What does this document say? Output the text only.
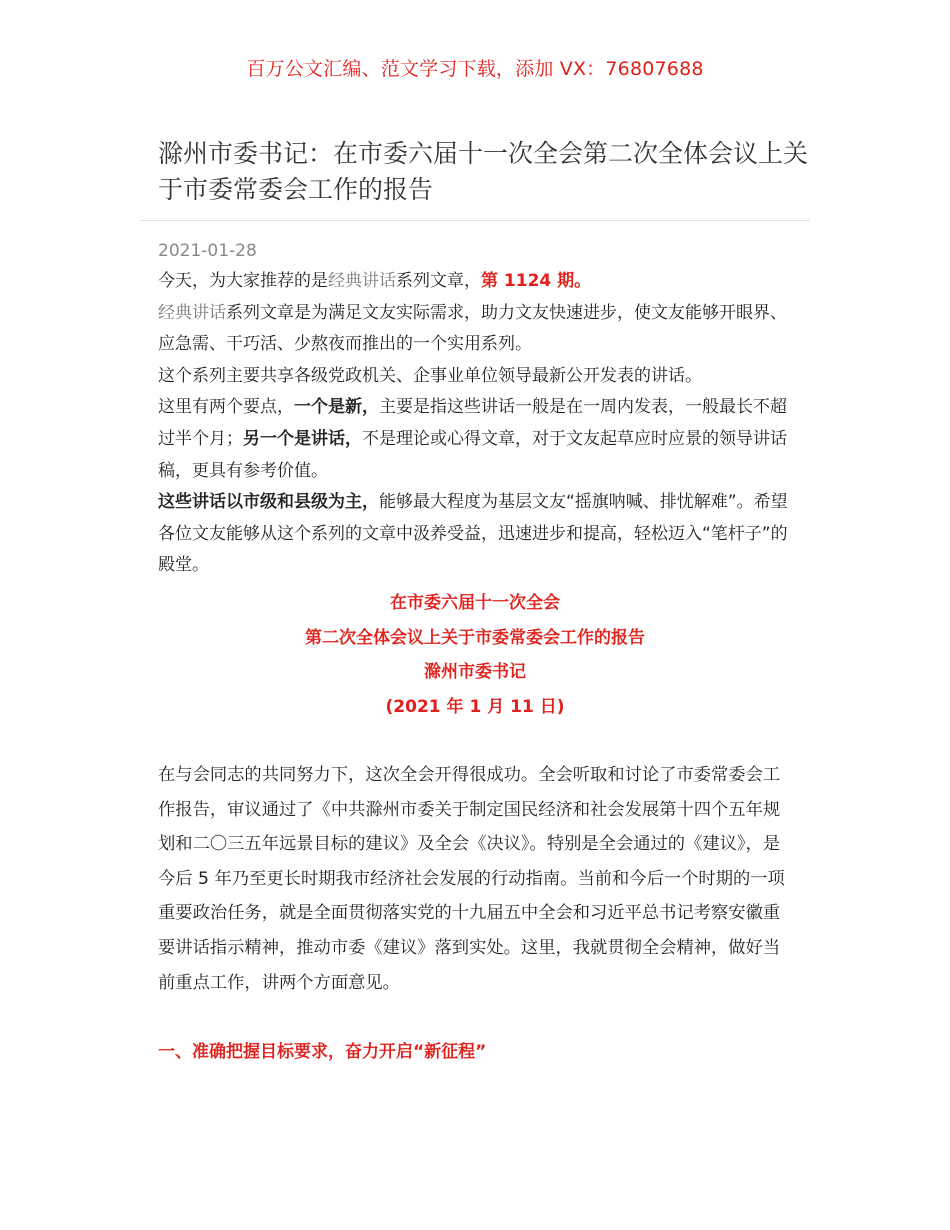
百万公文汇编、范文学习下载，添加 VX：76807688
滁州市委书记：在市委六届十一次全会第二次全体会议上关于市委常委会工作的报告
2021-01-28

今天，为大家推荐的是经典讲话系列文章，第 1124 期。

经典讲话系列文章是为满足文友实际需求，助力文友快速进步，使文友能够开眼界、应急需、干巧活、少熬夜而推出的一个实用系列。

这个系列主要共享各级党政机关、企事业单位领导最新公开发表的讲话。

这里有两个要点，一个是新，主要是指这些讲话一般是在一周内发表，一般最长不超过半个月；另一个是讲话，不是理论或心得文章，对于文友起草应时应景的领导讲话稿，更具有参考价值。

这些讲话以市级和县级为主，能够最大程度为基层文友“摇旗呐喊、排忧解难”。希望各位文友能够从这个系列的文章中汲养受益，迅速进步和提高，轻松迈入“笔杆子”的殿堂。

在市委六届十一次全会
第二次全体会议上关于市委常委会工作的报告
滁州市委书记
(2021 年 1 月 11 日)

在与会同志的共同努力下，这次全会开得很成功。全会听取和讨论了市委常委会工作报告，审议通过了《中共滁州市委关于制定国民经济和社会发展第十四个五年规划和二〇三五年远景目标的建议》及全会《决议》。特别是全会通过的《建议》，是今后 5 年乃至更长时期我市经济社会发展的行动指南。当前和今后一个时期的一项重要政治任务，就是全面贯彻落实党的十九届五中全会和习近平总书记考察安徽重要讲话指示精神，推动市委《建议》落到实处。这里，我就贯彻全会精神，做好当前重点工作，讲两个方面意见。

一、准确把握目标要求，奋力开启“新征程”
